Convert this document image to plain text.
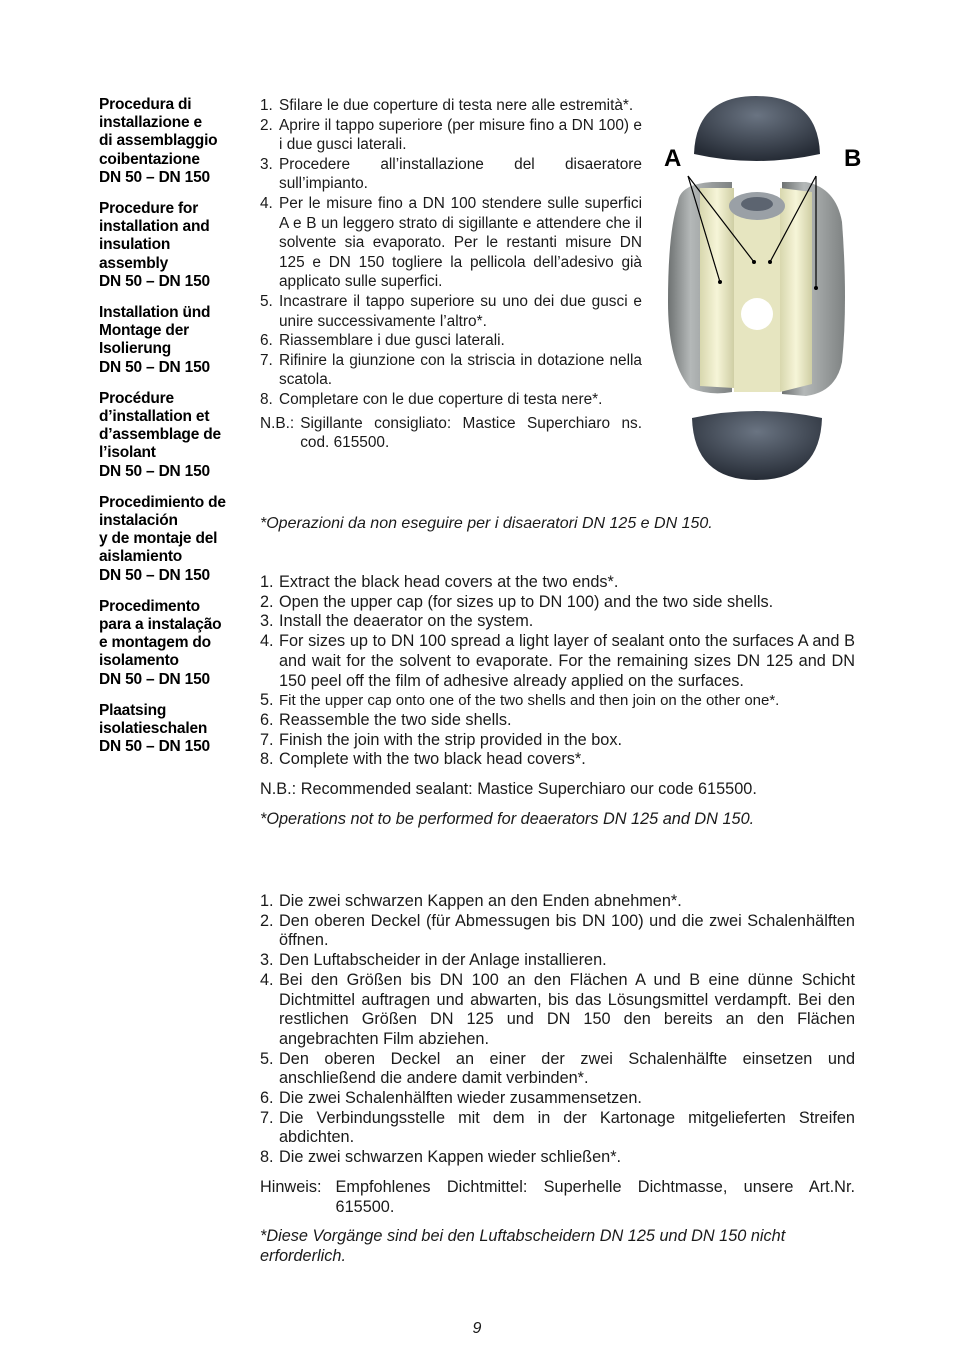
Procedura di
installazione e
di assemblaggio
coibentazione
DN 50 – DN 150
Procedure for
installation and
insulation
assembly
DN 50 – DN 150
Installation ünd
Montage der
Isolierung
DN 50 – DN 150
Procédure
d’installation et
d’assemblage de
l’isolant
DN 50 – DN 150
Procedimiento de
instalación
y de montaje del
aislamiento
DN 50 – DN 150
Procedimento
para a instalação
e montagem do
isolamento
DN 50 – DN 150
Plaatsing
isolatieschalen
DN 50 – DN 150
1. Sfilare le due coperture di testa nere alle estremità*.
2. Aprire il tappo superiore (per misure fino a DN 100) e i due gusci laterali.
3. Procedere all’installazione del disaeratore sull’impianto.
4. Per le misure fino a DN 100 stendere sulle superfici A e B un leggero strato di sigillante e attendere che il solvente sia evaporato. Per le restanti misure DN 125 e DN 150 togliere la pellicola dell’adesivo già applicato sulle superfici.
5. Incastrare il tappo superiore su uno dei due gusci e unire successivamente l’altro*.
6. Riassemblare i due gusci laterali.
7. Rifinire la giunzione con la striscia in dotazione nella scatola.
8. Completare con le due coperture di testa nere*.
N.B.: Sigillante consigliato: Mastice Superchiaro ns. cod. 615500.
*Operazioni da non eseguire per i disaeratori DN 125 e DN 150.
A	B
1. Extract the black head covers at the two ends*.
2. Open the upper cap (for sizes up to DN 100) and the two side shells.
3. Install the deaerator on the system.
4. For sizes up to DN 100 spread a light layer of sealant onto the surfaces A and B and wait for the solvent to evaporate. For the remaining sizes DN 125 and DN 150 peel off the film of adhesive already applied on the surfaces.
5. Fit the upper cap onto one of the two shells and then join on the other one*.
6. Reassemble the two side shells.
7. Finish the join with the strip provided in the box.
8. Complete with the two black head covers*.
N.B.: Recommended sealant: Mastice Superchiaro our code 615500.
*Operations not to be performed for deaerators DN 125 and DN 150.
1. Die zwei schwarzen Kappen an den Enden abnehmen*.
2. Den oberen Deckel (für Abmessugen bis DN 100) und die zwei Schalenhälften öffnen.
3. Den Luftabscheider in der Anlage installieren.
4. Bei den Größen bis DN 100 an den Flächen A und B eine dünne Schicht Dichtmittel auftragen und abwarten, bis das Lösungsmittel verdampft. Bei den restlichen Größen DN 125 und DN 150 den bereits an den Flächen angebrachten Film abziehen.
5. Den oberen Deckel an einer der zwei Schalenhälfte einsetzen und anschließend die andere damit verbinden*.
6. Die zwei Schalenhälften wieder zusammensetzen.
7. Die Verbindungsstelle mit dem in der Kartonage mitgelieferten Streifen abdichten.
8. Die zwei schwarzen Kappen wieder schließen*.
Hinweis: Empfohlenes Dichtmittel: Superhelle Dichtmasse, unsere Art.Nr. 615500.
*Diese Vorgänge sind bei den Luftabscheidern DN 125 und DN 150 nicht erforderlich.
9
